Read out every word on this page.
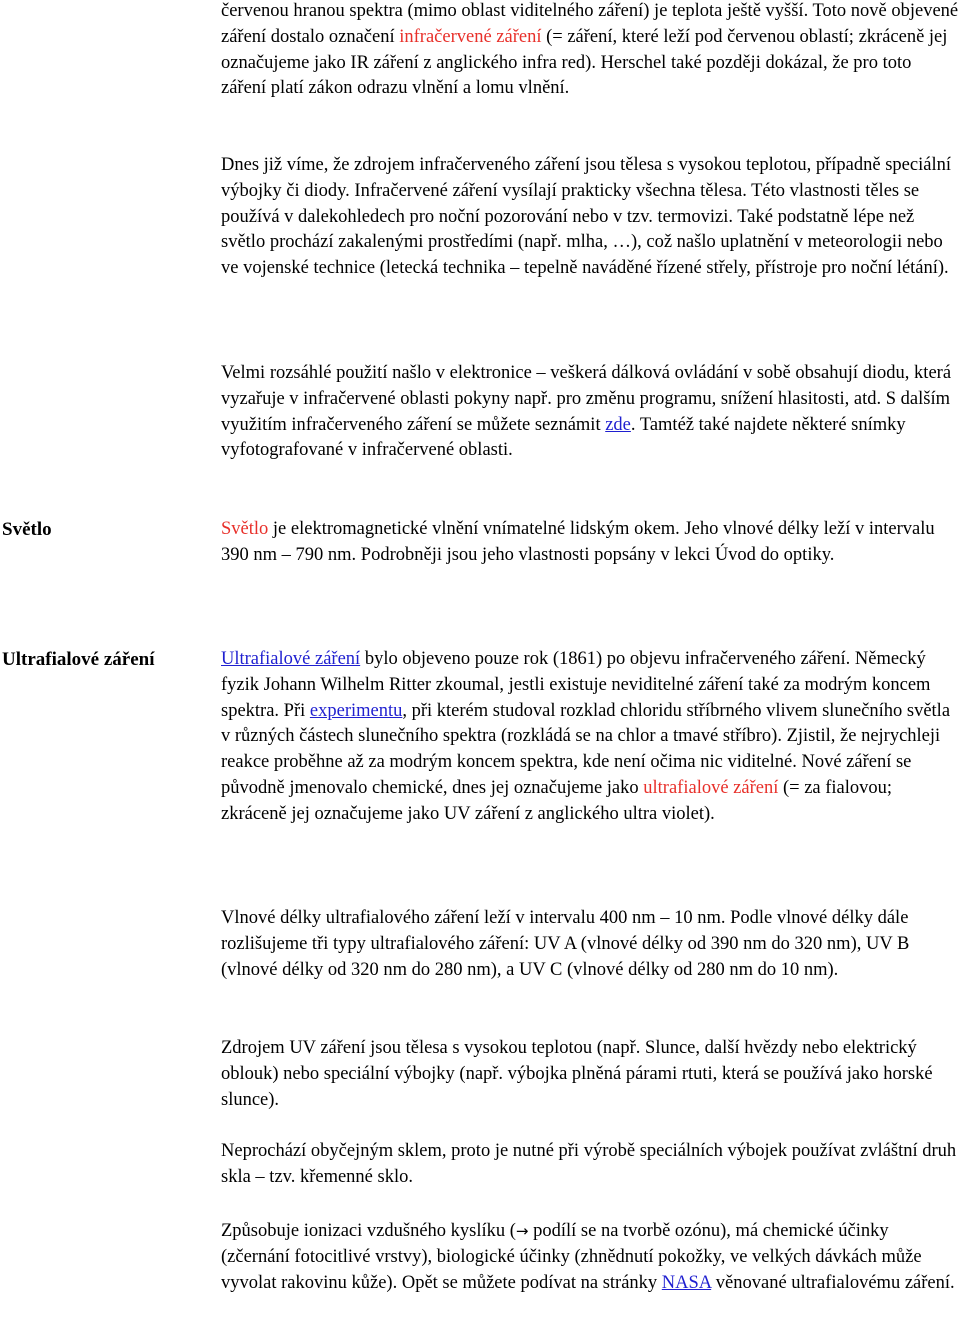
červenou hranou spektra (mimo oblast viditelného záření) je teplota ještě vyšší. Toto nově objevené záření dostalo označení infračervené záření (= záření, které leží pod červenou oblastí; zkráceně jej označujeme jako IR záření z anglického infra red). Herschel také později dokázal, že pro toto záření platí zákon odrazu vlnění a lomu vlnění.

Dnes již víme, že zdrojem infračerveného záření jsou tělesa s vysokou teplotou, případně speciální výbojky či diody. Infračervené záření vysílají prakticky všechna tělesa. Této vlastnosti těles se používá v dalekohledech pro noční pozorování nebo v tzv. termovizi. Také podstatně lépe než světlo prochází zakalenými prostředími (např. mlha, …), což našlo uplatnění v meteorologii nebo ve vojenské technice (letecká technika – tepelně naváděné řízené střely, přístroje pro noční létání).

Velmi rozsáhlé použití našlo v elektronice – veškerá dálková ovládání v sobě obsahují diodu, která vyzařuje v infračervené oblasti pokyny např. pro změnu programu, snížení hlasitosti, atd. S dalším využitím infračerveného záření se můžete seznámit zde. Tamtéž také najdete některé snímky vyfotografované v infračervené oblasti.

Světlo	Světlo je elektromagnetické vlnění vnímatelné lidským okem. Jeho vlnové délky leží v intervalu 390 nm – 790 nm. Podrobněji jsou jeho vlastnosti popsány v lekci Úvod do optiky.

Ultrafialové záření	Ultrafialové záření bylo objeveno pouze rok (1861) po objevu infračerveného záření. Německý fyzik Johann Wilhelm Ritter zkoumal, jestli existuje neviditelné záření také za modrým koncem spektra. Při experimentu, při kterém studoval rozklad chloridu stříbrného vlivem slunečního světla v různých částech slunečního spektra (rozkládá se na chlor a tmavé stříbro). Zjistil, že nejrychleji reakce proběhne až za modrým koncem spektra, kde není očima nic viditelné. Nové záření se původně jmenovalo chemické, dnes jej označujeme jako ultrafialové záření (= za fialovou; zkráceně jej označujeme jako UV záření z anglického ultra violet).

Vlnové délky ultrafialového záření leží v intervalu 400 nm – 10 nm. Podle vlnové délky dále rozlišujeme tři typy ultrafialového záření: UV A (vlnové délky od 390 nm do 320 nm), UV B (vlnové délky od 320 nm do 280 nm), a UV C (vlnové délky od 280 nm do 10 nm).

Zdrojem UV záření jsou tělesa s vysokou teplotou (např. Slunce, další hvězdy nebo elektrický oblouk) nebo speciální výbojky (např. výbojka plněná párami rtuti, která se používá jako horské slunce).

Neprochází obyčejným sklem, proto je nutné při výrobě speciálních výbojek používat zvláštní druh skla – tzv. křemenné sklo.

Způsobuje ionizaci vzdušného kyslíku (→ podílí se na tvorbě ozónu), má chemické účinky (zčernání fotocitlivé vrstvy), biologické účinky (zhnědnutí pokožky, ve velkých dávkách může vyvolat rakovinu kůže). Opět se můžete podívat na stránky NASA věnované ultrafialovému záření.
